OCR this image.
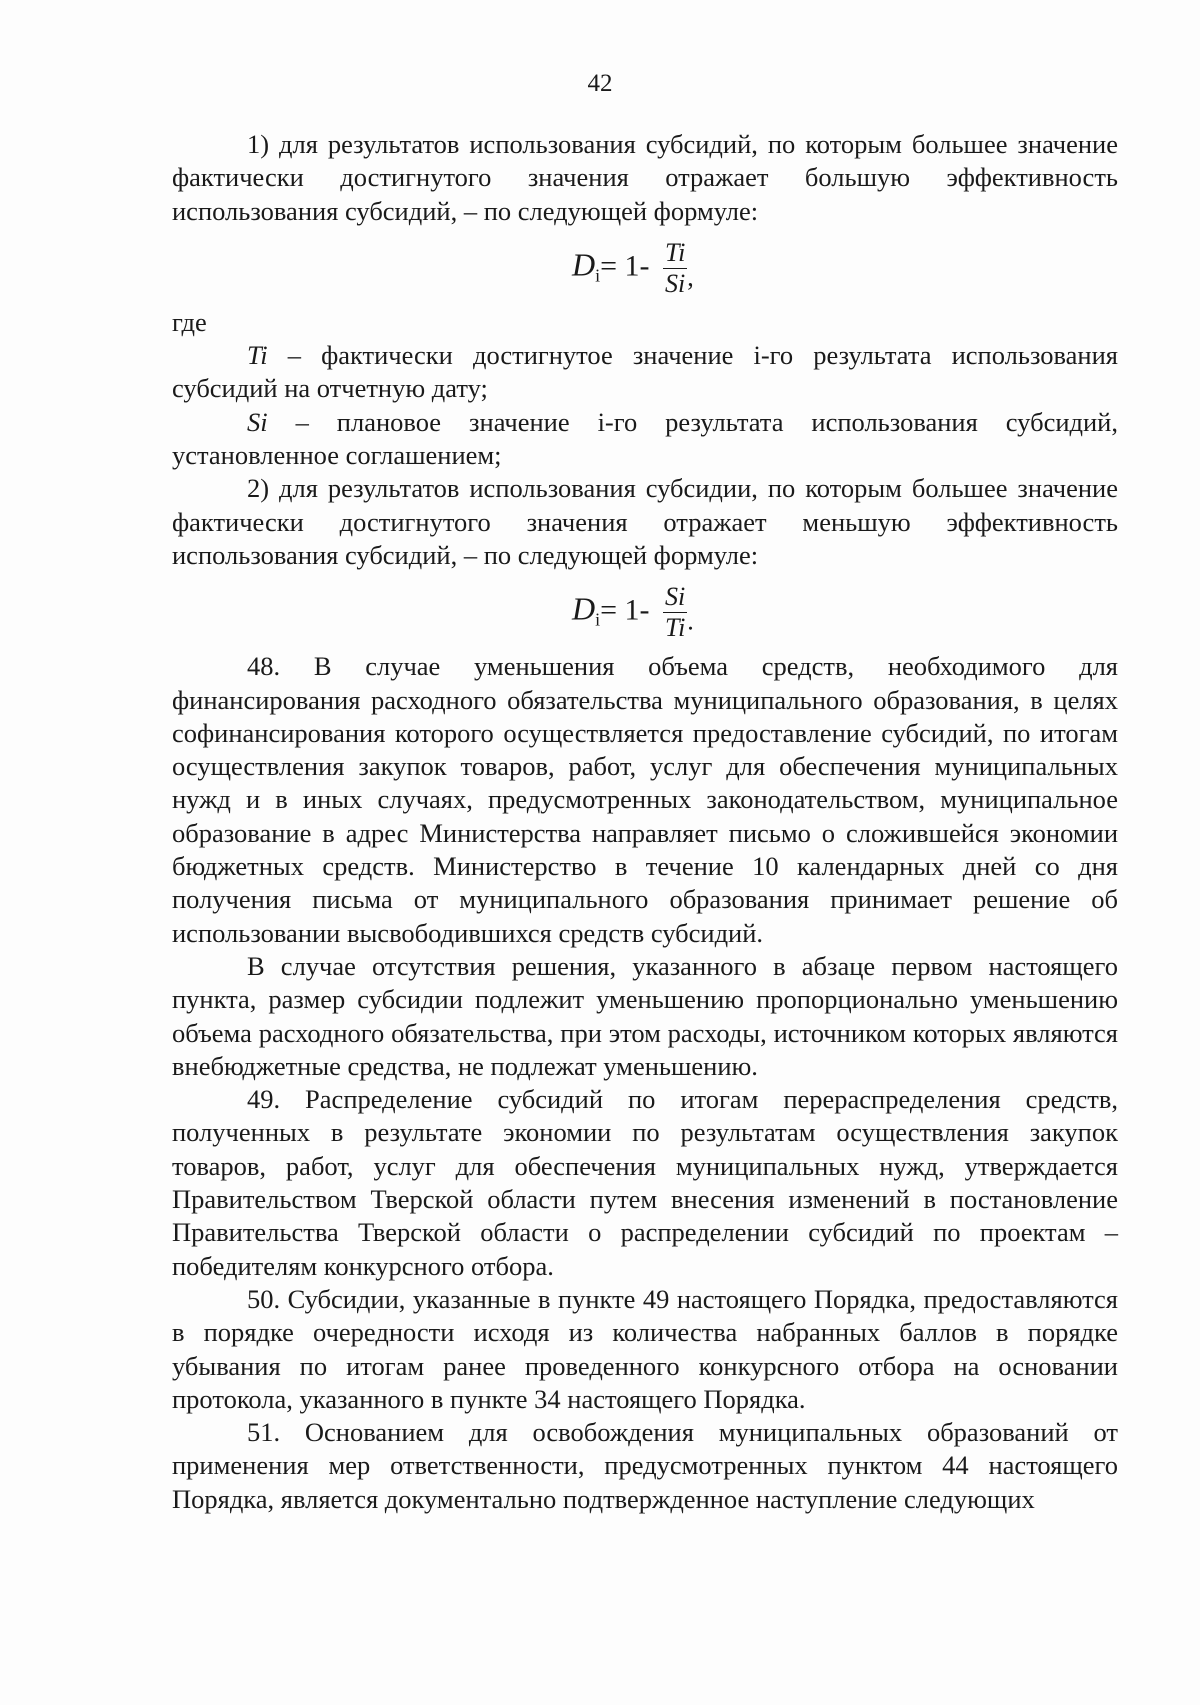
42

1) для результатов использования субсидий, по которым большее значение фактически достигнутого значения отражает большую эффективность использования субсидий, – по следующей формуле:

$D_i= 1- \frac{Ti}{Si}$ ,

где

Ti – фактически достигнутое значение i-го результата использования субсидий на отчетную дату;

Si – плановое значение i-го результата использования субсидий, установленное соглашением;

2) для результатов использования субсидии, по которым большее значение фактически достигнутого значения отражает меньшую эффективность использования субсидий, – по следующей формуле:

$D_i= 1- \frac{Si}{Ti}$ .

48. В случае уменьшения объема средств, необходимого для финансирования расходного обязательства муниципального образования, в целях софинансирования которого осуществляется предоставление субсидий, по итогам осуществления закупок товаров, работ, услуг для обеспечения муниципальных нужд и в иных случаях, предусмотренных законодательством, муниципальное образование в адрес Министерства направляет письмо о сложившейся экономии бюджетных средств. Министерство в течение 10 календарных дней со дня получения письма от муниципального образования принимает решение об использовании высвободившихся средств субсидий.

В случае отсутствия решения, указанного в абзаце первом настоящего пункта, размер субсидии подлежит уменьшению пропорционально уменьшению объема расходного обязательства, при этом расходы, источником которых являются внебюджетные средства, не подлежат уменьшению.

49. Распределение субсидий по итогам перераспределения средств, полученных в результате экономии по результатам осуществления закупок товаров, работ, услуг для обеспечения муниципальных нужд, утверждается Правительством Тверской области путем внесения изменений в постановление Правительства Тверской области о распределении субсидий по проектам – победителям конкурсного отбора.

50. Субсидии, указанные в пункте 49 настоящего Порядка, предоставляются в порядке очередности исходя из количества набранных баллов в порядке убывания по итогам ранее проведенного конкурсного отбора на основании протокола, указанного в пункте 34 настоящего Порядка.

51. Основанием для освобождения муниципальных образований от применения мер ответственности, предусмотренных пунктом 44 настоящего Порядка, является документально подтвержденное наступление следующих
